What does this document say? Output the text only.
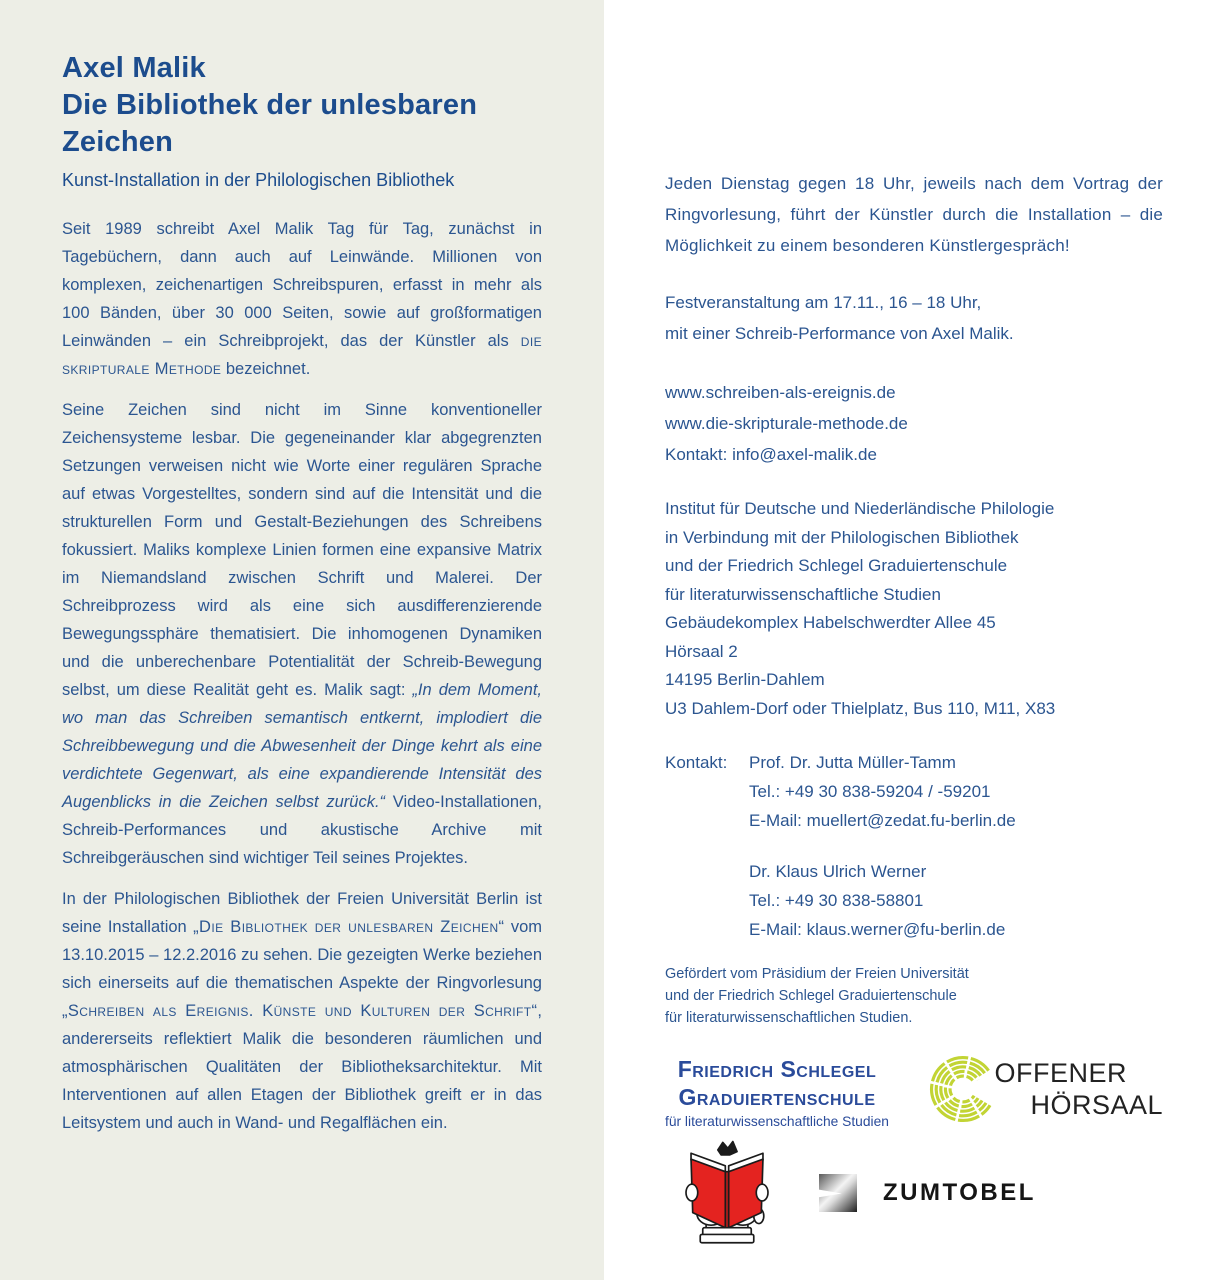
Axel Malik
Die Bibliothek der unlesbaren Zeichen
Kunst-Installation in der Philologischen Bibliothek

Seit 1989 schreibt Axel Malik Tag für Tag, zunächst in Tagebüchern, dann auch auf Leinwände. Millionen von komplexen, zeichenartigen Schreibspuren, erfasst in mehr als 100 Bänden, über 30 000 Seiten, sowie auf großformatigen Leinwänden – ein Schreibprojekt, das der Künstler als die skripturale Methode bezeichnet.

Seine Zeichen sind nicht im Sinne konventioneller Zeichensysteme lesbar. Die gegeneinander klar abgegrenzten Setzungen verweisen nicht wie Worte einer regulären Sprache auf etwas Vorgestelltes, sondern sind auf die Intensität und die strukturellen Form und Gestalt-Beziehungen des Schreibens fokussiert. Maliks komplexe Linien formen eine expansive Matrix im Niemandsland zwischen Schrift und Malerei. Der Schreibprozess wird als eine sich ausdifferenzierende Bewegungssphäre thematisiert. Die inhomogenen Dynamiken und die unberechenbare Potentialität der Schreib-Bewegung selbst, um diese Realität geht es. Malik sagt: „In dem Moment, wo man das Schreiben semantisch entkernt, implodiert die Schreibbewegung und die Abwesenheit der Dinge kehrt als eine verdichtete Gegenwart, als eine expandierende Intensität des Augenblicks in die Zeichen selbst zurück.“ Video-Installationen, Schreib-Performances und akustische Archive mit Schreibgeräuschen sind wichtiger Teil seines Projektes.

In der Philologischen Bibliothek der Freien Universität Berlin ist seine Installation „Die Bibliothek der unlesbaren Zeichen“ vom 13.10.2015 – 12.2.2016 zu sehen. Die gezeigten Werke beziehen sich einerseits auf die thematischen Aspekte der Ringvorlesung „Schreiben als Ereignis. Künste und Kulturen der Schrift“, andererseits reflektiert Malik die besonderen räumlichen und atmosphärischen Qualitäten der Bibliotheksarchitektur. Mit Interventionen auf allen Etagen der Bibliothek greift er in das Leitsystem und auch in Wand- und Regalflächen ein.

Jeden Dienstag gegen 18 Uhr, jeweils nach dem Vortrag der Ringvorlesung, führt der Künstler durch die Installation – die Möglichkeit zu einem besonderen Künstlergespräch!

Festveranstaltung am 17.11., 16 – 18 Uhr,
mit einer Schreib-Performance von Axel Malik.
www.schreiben-als-ereignis.de
www.die-skripturale-methode.de
Kontakt: info@axel-malik.de
Institut für Deutsche und Niederländische Philologie
in Verbindung mit der Philologischen Bibliothek
und der Friedrich Schlegel Graduiertenschule
für literaturwissenschaftliche Studien
Gebäudekomplex Habelschwerdter Allee 45
Hörsaal 2
14195 Berlin-Dahlem
U3 Dahlem-Dorf oder Thielplatz, Bus 110, M11, X83
Kontakt:	Prof. Dr. Jutta Müller-Tamm
Tel.: +49 30 838-59204 / -59201
E-Mail: muellert@zedat.fu-berlin.de
Dr. Klaus Ulrich Werner
Tel.: +49 30 838-58801
E-Mail: klaus.werner@fu-berlin.de
Gefördert vom Präsidium der Freien Universität
und der Friedrich Schlegel Graduiertenschule
für literaturwissenschaftlichen Studien.
Friedrich Schlegel
Graduiertenschule
für literaturwissenschaftliche Studien
OFFENER
HÖRSAAL
ZUMTOBEL
